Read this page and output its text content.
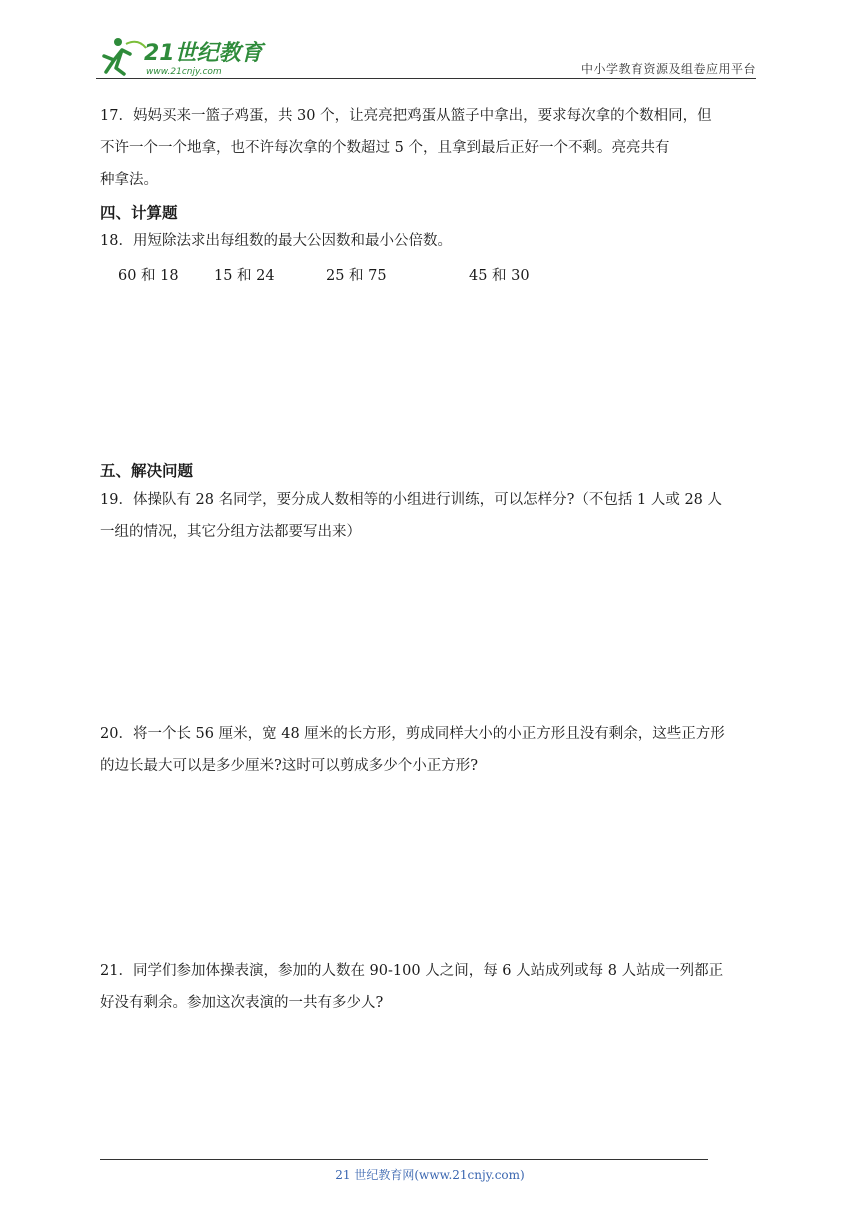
21世纪教育
www.21cnjy.com	中小学教育资源及组卷应用平台

17．妈妈买来一篮子鸡蛋，共 30 个，让亮亮把鸡蛋从篮子中拿出，要求每次拿的个数相同，但
不许一个一个地拿，也不许每次拿的个数超过 5 个，且拿到最后正好一个不剩。亮亮共有
种拿法。

四、计算题

18．用短除法求出每组数的最大公因数和最小公倍数。

60 和 18 15 和 24	25 和 75	45 和 30
五、解决问题

19．体操队有 28 名同学，要分成人数相等的小组进行训练，可以怎样分?（不包括 1 人或 28 人
一组的情况，其它分组方法都要写出来）

20．将一个长 56 厘米，宽 48 厘米的长方形，剪成同样大小的小正方形且没有剩余，这些正方形
的边长最大可以是多少厘米?这时可以剪成多少个小正方形?

21．同学们参加体操表演，参加的人数在 90-100 人之间，每 6 人站成列或每 8 人站成一列都正
好没有剩余。参加这次表演的一共有多少人?

21 世纪教育网(www.21cnjy.com)
